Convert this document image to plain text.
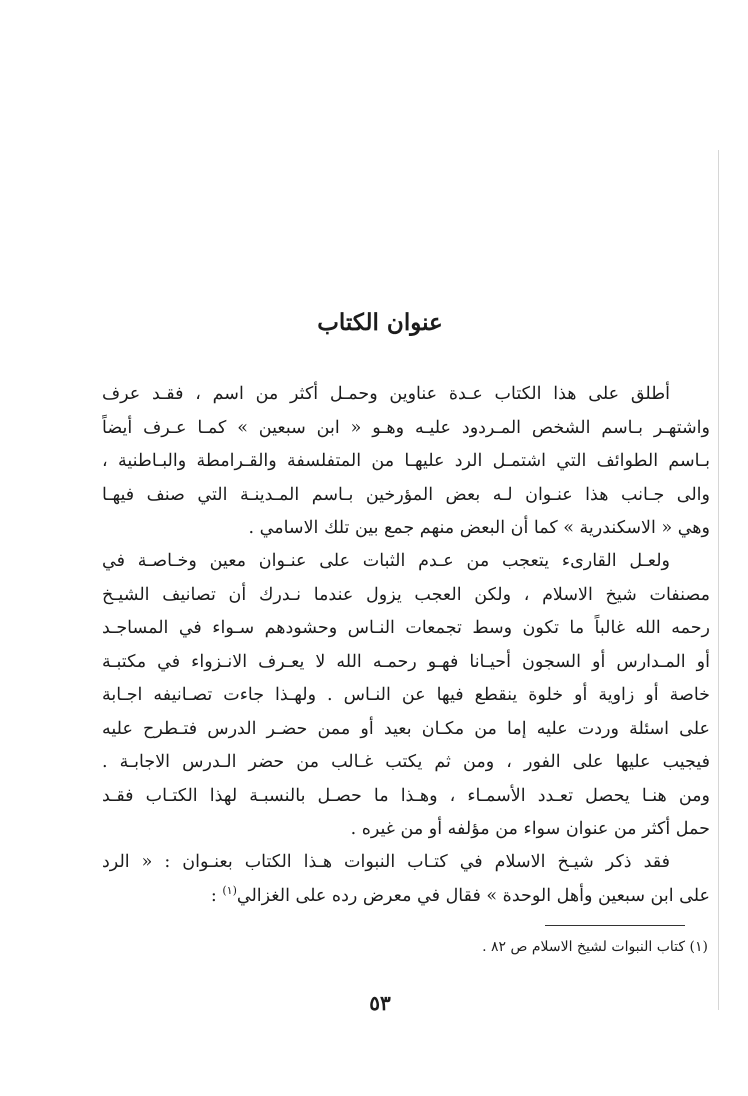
عنوان الكتاب
أطلق على هذا الكتاب عـدة عناوين وحمـل أكثر من اسم ، فقـد عرف
واشتهـر بـاسم الشخص المـردود عليـه وهـو « ابن سبعين » كمـا عـرف أيضاً
بـاسم الطوائف التي اشتمـل الرد عليهـا من المتفلسفة والقـرامطة والبـاطنية ،
والى جـانب هذا عنـوان لـه بعض المؤرخين بـاسم المـدينـة التي صنف فيهـا
وهي « الاسكندرية » كما أن البعض منهم جمع بين تلك الاسامي .
ولعـل القارىء يتعجب من عـدم الثبات على عنـوان معين وخـاصـة في
مصنفات شيخ الاسلام ، ولكن العجب يزول عندما نـدرك أن تصانيف الشيـخ
رحمه الله غالباً ما تكون وسط تجمعات النـاس وحشودهم سـواء في المساجـد
أو المـدارس أو السجون أحيـانا فهـو رحمـه الله لا يعـرف الانـزواء في مكتبـة
خاصة أو زاوية أو خلوة ينقطع فيها عن النـاس . ولهـذا جاءت تصـانيفه اجـابة
على اسئلة وردت عليه إما من مكـان بعيد أو ممن حضـر الدرس فتـطرح عليه
فيجيب عليها على الفور ، ومن ثم يكتب غـالب من حضر الـدرس الاجابـة .
ومن هنـا يحصل تعـدد الأسمـاء ، وهـذا ما حصـل بالنسبـة لهذا الكتـاب فقـد
حمل أكثر من عنوان سواء من مؤلفه أو من غيره .
فقد ذكر شيـخ الاسلام في كتـاب النبوات هـذا الكتاب بعنـوان : « الرد
على ابن سبعين وأهل الوحدة » فقال في معرض رده على الغزالي$^{(١)}$ :
(١) كتاب النبوات لشيخ الاسلام ص ٨٢ .
٥٣
